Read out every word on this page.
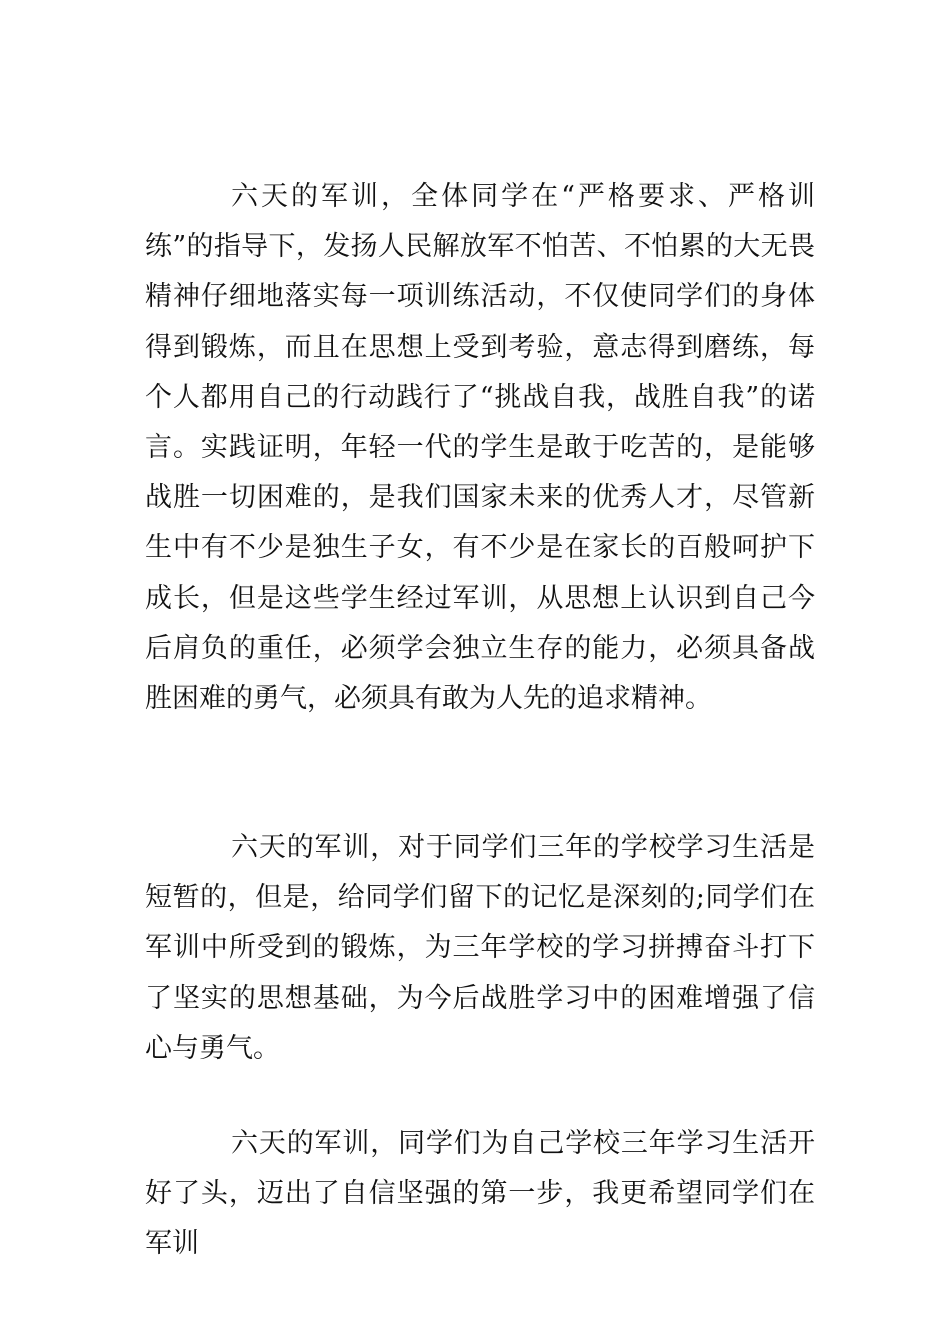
六天的军训，全体同学在“严格要求、严格训练”的指导下，发扬人民解放军不怕苦、不怕累的大无畏精神仔细地落实每一项训练活动，不仅使同学们的身体得到锻炼，而且在思想上受到考验，意志得到磨练，每个人都用自己的行动践行了“挑战自我，战胜自我”的诺言。实践证明，年轻一代的学生是敢于吃苦的，是能够战胜一切困难的，是我们国家未来的优秀人才，尽管新生中有不少是独生子女，有不少是在家长的百般呵护下成长，但是这些学生经过军训，从思想上认识到自己今后肩负的重任，必须学会独立生存的能力，必须具备战胜困难的勇气，必须具有敢为人先的追求精神。

六天的军训，对于同学们三年的学校学习生活是短暂的，但是，给同学们留下的记忆是深刻的;同学们在军训中所受到的锻炼，为三年学校的学习拼搏奋斗打下了坚实的思想基础，为今后战胜学习中的困难增强了信心与勇气。

六天的军训，同学们为自己学校三年学习生活开好了头，迈出了自信坚强的第一步，我更希望同学们在军训
